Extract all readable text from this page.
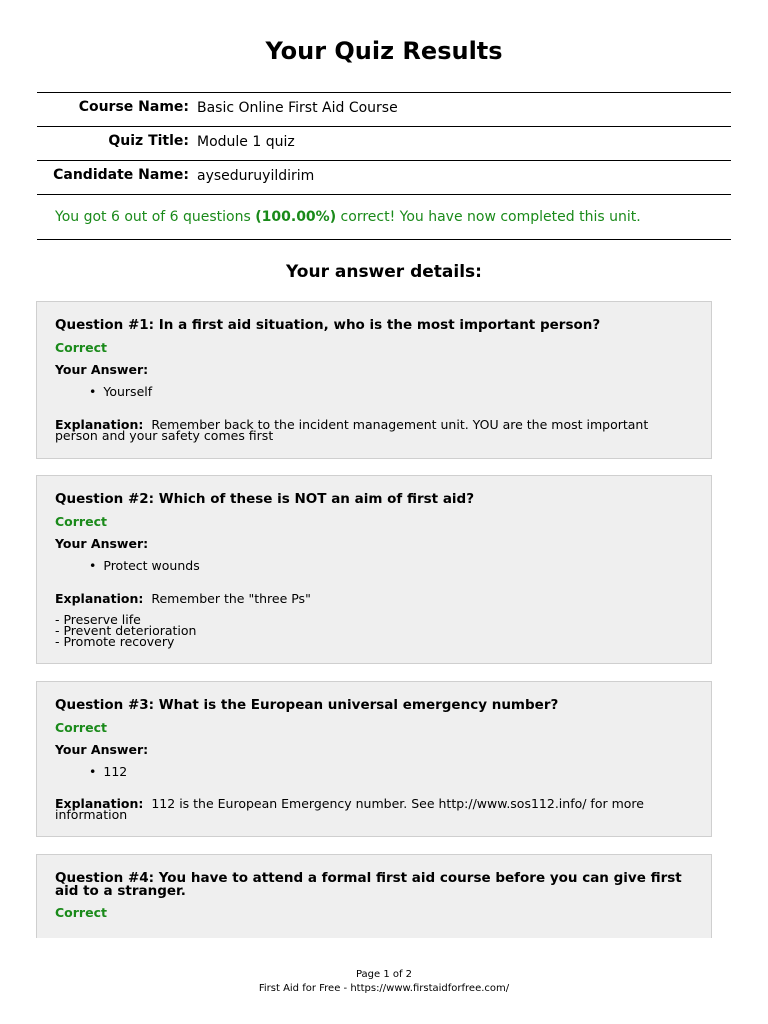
Your Quiz Results
Course Name: Basic Online First Aid Course
Quiz Title: Module 1 quiz
Candidate Name: ayseduruyildirim
You got 6 out of 6 questions (100.00%) correct! You have now completed this unit.
Your answer details:
Question #1: In a first aid situation, who is the most important person?
Correct
Your Answer:
• Yourself
Explanation: Remember back to the incident management unit. YOU are the most important person and your safety comes first
Question #2: Which of these is NOT an aim of first aid?
Correct
Your Answer:
• Protect wounds
Explanation: Remember the "three Ps"
- Preserve life
- Prevent deterioration
- Promote recovery
Question #3: What is the European universal emergency number?
Correct
Your Answer:
• 112
Explanation: 112 is the European Emergency number. See http://www.sos112.info/ for more information
Question #4: You have to attend a formal first aid course before you can give first aid to a stranger.
Correct
Page 1 of 2
First Aid for Free - https://www.firstaidforfree.com/
